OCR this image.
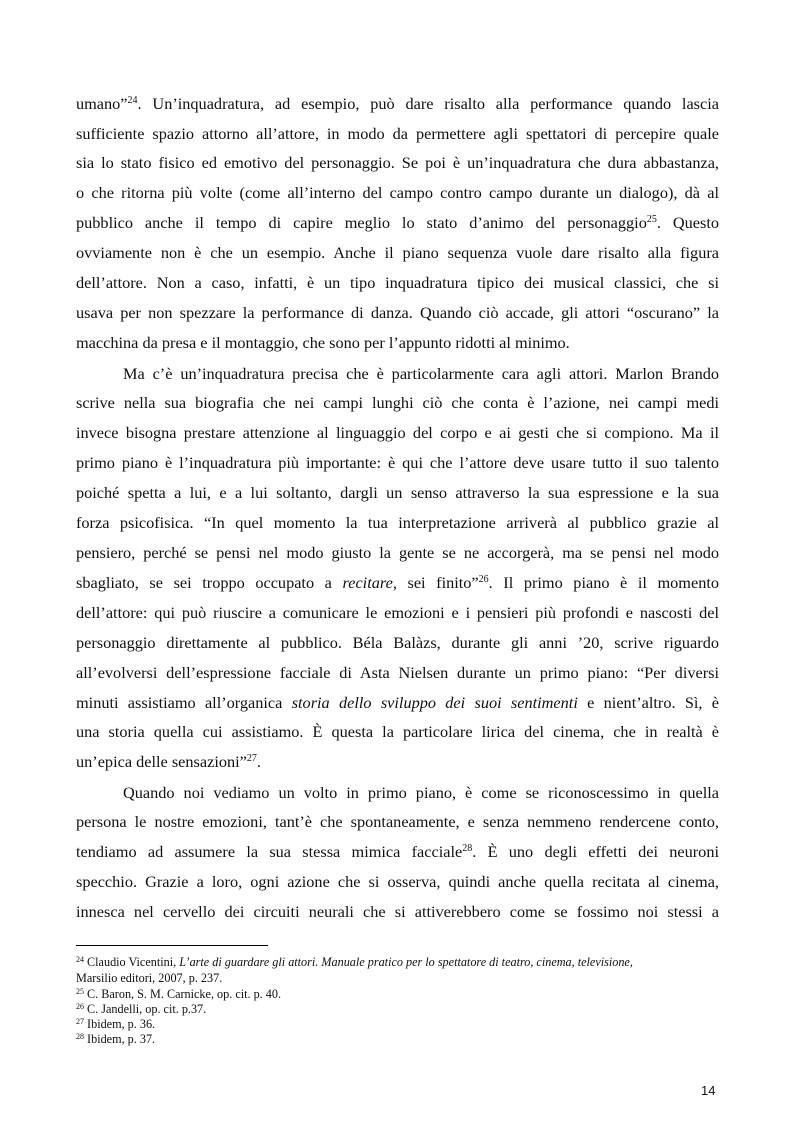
umano”$^{24}$. Un’inquadratura, ad esempio, può dare risalto alla performance quando lascia
sufficiente spazio attorno all’attore, in modo da permettere agli spettatori di percepire quale
sia lo stato fisico ed emotivo del personaggio. Se poi è un’inquadratura che dura abbastanza,
o che ritorna più volte (come all’interno del campo contro campo durante un dialogo), dà al
pubblico anche il tempo di capire meglio lo stato d’animo del personaggio$^{25}$. Questo
ovviamente non è che un esempio. Anche il piano sequenza vuole dare risalto alla figura
dell’attore. Non a caso, infatti, è un tipo inquadratura tipico dei musical classici, che si
usava per non spezzare la performance di danza. Quando ciò accade, gli attori “oscurano” la
macchina da presa e il montaggio, che sono per l’appunto ridotti al minimo.
Ma c’è un’inquadratura precisa che è particolarmente cara agli attori. Marlon Brando
scrive nella sua biografia che nei campi lunghi ciò che conta è l’azione, nei campi medi
invece bisogna prestare attenzione al linguaggio del corpo e ai gesti che si compiono. Ma il
primo piano è l’inquadratura più importante: è qui che l’attore deve usare tutto il suo talento
poiché spetta a lui, e a lui soltanto, dargli un senso attraverso la sua espressione e la sua
forza psicofisica. “In quel momento la tua interpretazione arriverà al pubblico grazie al
pensiero, perché se pensi nel modo giusto la gente se ne accorgerà, ma se pensi nel modo
sbagliato, se sei troppo occupato a recitare, sei finito”$^{26}$. Il primo piano è il momento
dell’attore: qui può riuscire a comunicare le emozioni e i pensieri più profondi e nascosti del
personaggio direttamente al pubblico. Béla Balàzs, durante gli anni ’20, scrive riguardo
all’evolversi dell’espressione facciale di Asta Nielsen durante un primo piano: “Per diversi
minuti assistiamo all’organica storia dello sviluppo dei suoi sentimenti e nient’altro. Sì, è
una storia quella cui assistiamo. È questa la particolare lirica del cinema, che in realtà è
un’epica delle sensazioni”$^{27}$.
Quando noi vediamo un volto in primo piano, è come se riconoscessimo in quella
persona le nostre emozioni, tant’è che spontaneamente, e senza nemmeno rendercene conto,
tendiamo ad assumere la sua stessa mimica facciale$^{28}$. È uno degli effetti dei neuroni
specchio. Grazie a loro, ogni azione che si osserva, quindi anche quella recitata al cinema,
innesca nel cervello dei circuiti neurali che si attiverebbero come se fossimo noi stessi a
$^{24}$ Claudio Vicentini, L’arte di guardare gli attori. Manuale pratico per lo spettatore di teatro, cinema, televisione,
Marsilio editori, 2007, p. 237.
$^{25}$ C. Baron, S. M. Carnicke, op. cit. p. 40.
$^{26}$ C. Jandelli, op. cit. p.37.
$^{27}$ Ibidem, p. 36.
$^{28}$ Ibidem, p. 37.
14
